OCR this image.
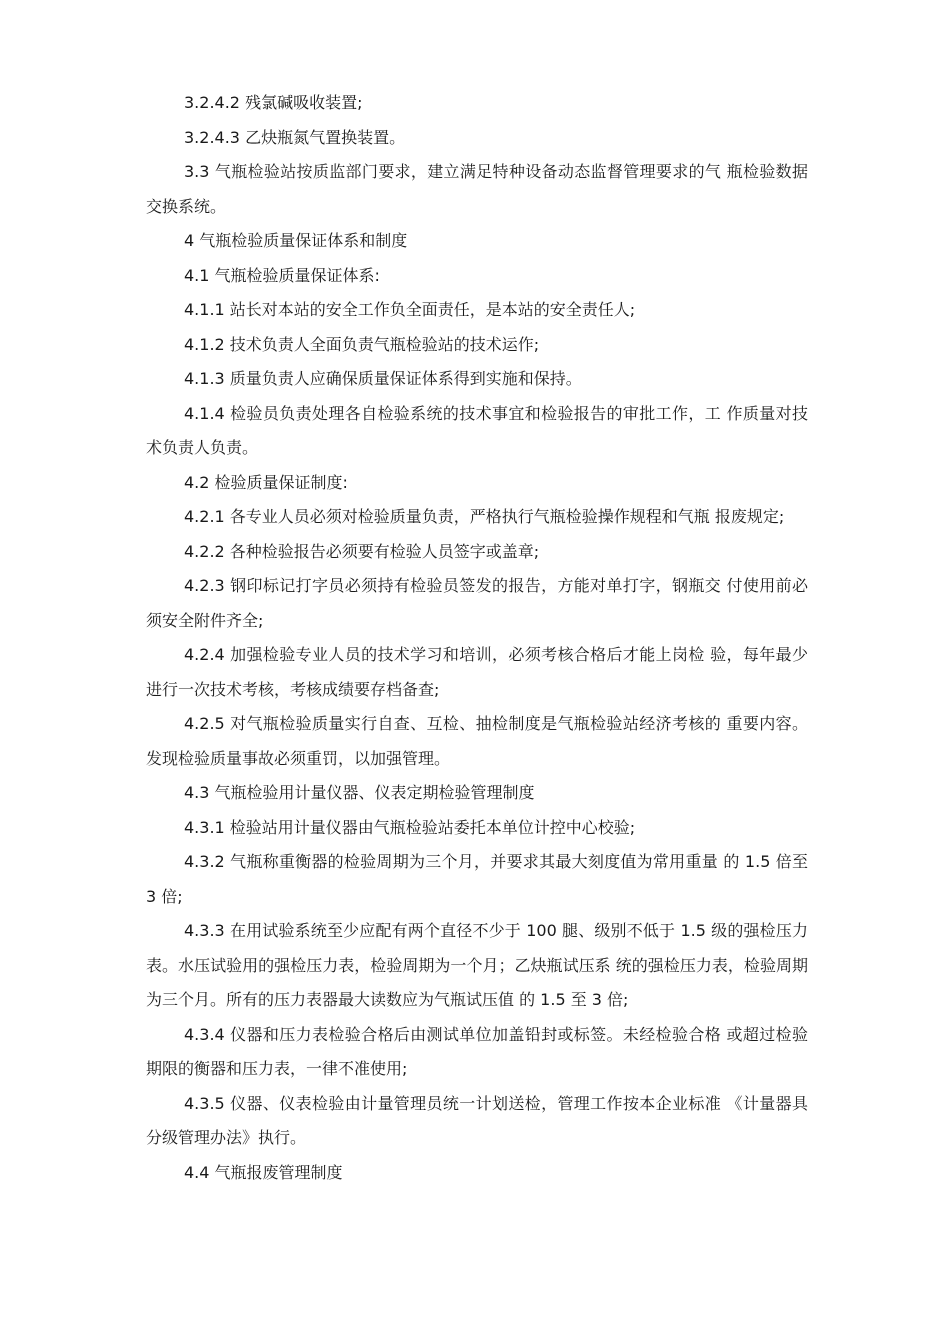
3.2.4.2 残氯碱吸收装置;

3.2.4.3 乙炔瓶氮气置换装置。

3.3 气瓶检验站按质监部门要求，建立满足特种设备动态监督管理要求的气 瓶检验数据交换系统。

4 气瓶检验质量保证体系和制度

4.1 气瓶检验质量保证体系:

4.1.1 站长对本站的安全工作负全面责任，是本站的安全责任人;

4.1.2 技术负责人全面负责气瓶检验站的技术运作;

4.1.3 质量负责人应确保质量保证体系得到实施和保持。

4.1.4 检验员负责处理各自检验系统的技术事宜和检验报告的审批工作，工 作质量对技术负责人负责。

4.2 检验质量保证制度:

4.2.1 各专业人员必须对检验质量负责，严格执行气瓶检验操作规程和气瓶 报废规定;

4.2.2 各种检验报告必须要有检验人员签字或盖章;

4.2.3 钢印标记打字员必须持有检验员签发的报告，方能对单打字，钢瓶交 付使用前必须安全附件齐全;

4.2.4 加强检验专业人员的技术学习和培训，必须考核合格后才能上岗检 验，每年最少进行一次技术考核，考核成绩要存档备查;

4.2.5 对气瓶检验质量实行自查、互检、抽检制度是气瓶检验站经济考核的 重要内容。发现检验质量事故必须重罚，以加强管理。

4.3 气瓶检验用计量仪器、仪表定期检验管理制度

4.3.1 检验站用计量仪器由气瓶检验站委托本单位计控中心校验;

4.3.2 气瓶称重衡器的检验周期为三个月，并要求其最大刻度值为常用重量 的 1.5 倍至 3 倍;

4.3.3 在用试验系统至少应配有两个直径不少于 100 腿、级别不低于 1.5 级的强检压力表。水压试验用的强检压力表，检验周期为一个月；乙炔瓶试压系 统的强检压力表，检验周期为三个月。所有的压力表器最大读数应为气瓶试压值 的 1.5 至 3 倍;

4.3.4 仪器和压力表检验合格后由测试单位加盖铅封或标签。未经检验合格 或超过检验期限的衡器和压力表，一律不准使用;

4.3.5 仪器、仪表检验由计量管理员统一计划送检，管理工作按本企业标准 《计量器具分级管理办法》执行。

4.4 气瓶报废管理制度
